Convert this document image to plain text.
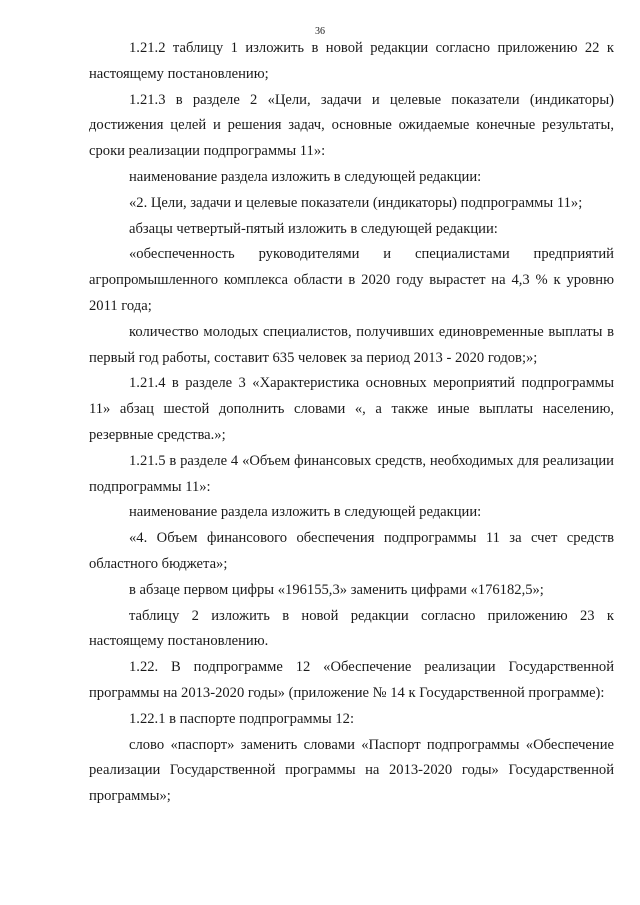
36

1.21.2 таблицу 1 изложить в новой редакции согласно приложению 22 к настоящему постановлению;

1.21.3 в разделе 2 «Цели, задачи и целевые показатели (индикаторы) достижения целей и решения задач, основные ожидаемые конечные результаты, сроки реализации подпрограммы 11»:

наименование раздела изложить в следующей редакции:

«2. Цели, задачи и целевые показатели (индикаторы) подпрограммы 11»;

абзацы четвертый-пятый изложить в следующей редакции:

«обеспеченность руководителями и специалистами предприятий агропромышленного комплекса области в 2020 году вырастет на 4,3 % к уровню 2011 года;

количество молодых специалистов, получивших единовременные выплаты в первый год работы, составит 635 человек за период 2013 - 2020 годов;»;

1.21.4 в разделе 3 «Характеристика основных мероприятий подпрограммы 11» абзац шестой дополнить словами «, а также иные выплаты населению, резервные средства.»;

1.21.5 в разделе 4 «Объем финансовых средств, необходимых для реализации подпрограммы 11»:

наименование раздела изложить в следующей редакции:

«4. Объем финансового обеспечения подпрограммы 11 за счет средств областного бюджета»;

в абзаце первом цифры «196155,3» заменить цифрами «176182,5»;

таблицу 2 изложить в новой редакции согласно приложению 23 к настоящему постановлению.

1.22. В подпрограмме 12 «Обеспечение реализации Государственной программы на 2013-2020 годы» (приложение № 14 к Государственной программе):

1.22.1 в паспорте подпрограммы 12:

слово «паспорт» заменить словами «Паспорт подпрограммы «Обеспечение реализации Государственной программы на 2013-2020 годы» Государственной программы»;
